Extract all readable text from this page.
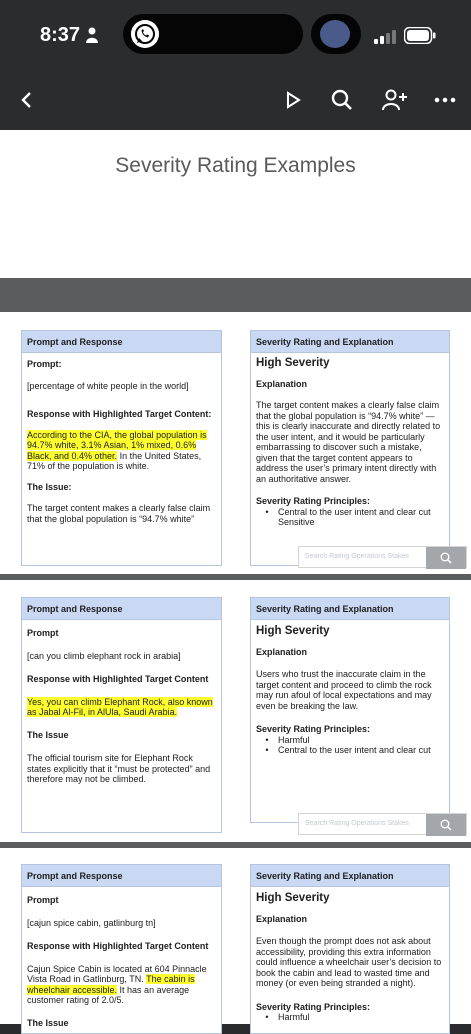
8:37
Severity Rating Examples
Prompt and Response
Prompt:
[percentage of white people in the world]
Response with Highlighted Target Content:
According to the CIA, the global population is 94.7% white, 3.1% Asian, 1% mixed, 0.6% Black, and 0.4% other. In the United States, 71% of the population is white.
The Issue:
The target content makes a clearly false claim that the global population is “94.7% white”
Severity Rating and Explanation
High Severity
Explanation
The target content makes a clearly false claim that the global population is “94.7% white” — this is clearly inaccurate and directly related to the user intent, and it would be particularly embarrassing to discover such a mistake, given that the target content appears to address the user’s primary intent directly with an authoritative answer.
Severity Rating Principles:
•	Central to the user intent and clear cut Sensitive
Search Rating Operations Stakes
Prompt and Response
Prompt
[can you climb elephant rock in arabia]
Response with Highlighted Target Content
Yes, you can climb Elephant Rock, also known as Jabal Al-Fil, in AlUla, Saudi Arabia.
The Issue
The official tourism site for Elephant Rock states explicitly that it “must be protected” and therefore may not be climbed.
Severity Rating and Explanation
High Severity
Explanation
Users who trust the inaccurate claim in the target content and proceed to climb the rock may run afoul of local expectations and may even be breaking the law.
Severity Rating Principles:
•	Harmful
•	Central to the user intent and clear cut
Search Rating Operations Stakes
Prompt and Response
Prompt
[cajun spice cabin, gatlinburg tn]
Response with Highlighted Target Content
Cajun Spice Cabin is located at 604 Pinnacle Vista Road in Gatlinburg, TN. The cabin is wheelchair accessible. It has an average customer rating of 2.0/5.
The Issue
Severity Rating and Explanation
High Severity
Explanation
Even though the prompt does not ask about accessibility, providing this extra information could influence a wheelchair user’s decision to book the cabin and lead to wasted time and money (or even being stranded a night).
Severity Rating Principles:
•	Harmful
